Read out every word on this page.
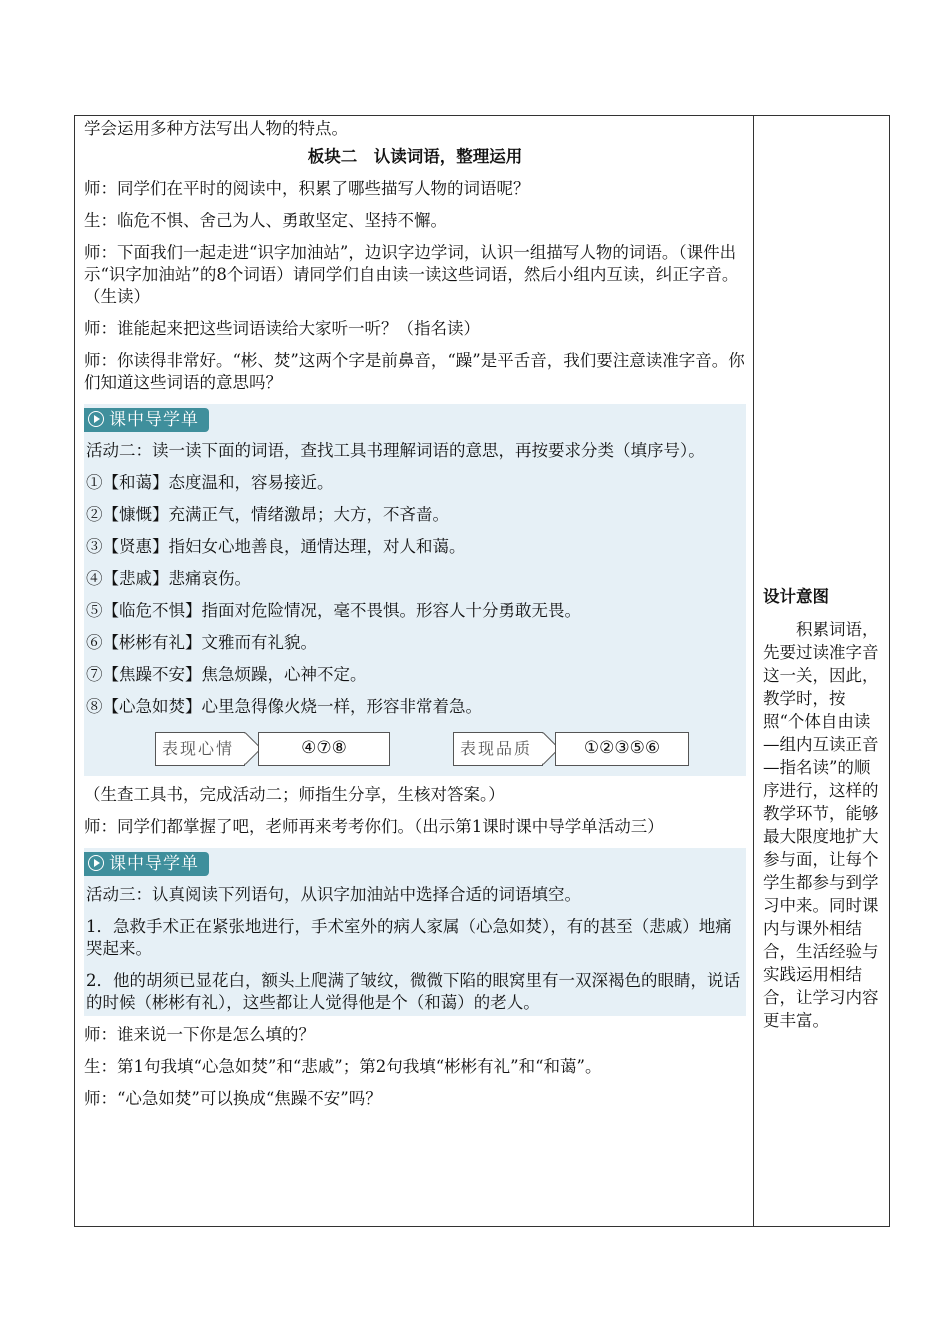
学会运用多种方法写出人物的特点。

板块二　认读词语，整理运用

师：同学们在平时的阅读中，积累了哪些描写人物的词语呢？

生：临危不惧、舍己为人、勇敢坚定、坚持不懈。

师：下面我们一起走进“识字加油站”，边识字边学词，认识一组描写人物的词语。（课件出示“识字加油站”的8个词语）请同学们自由读一读这些词语，然后小组内互读，纠正字音。（生读）

师：谁能起来把这些词语读给大家听一听？（指名读）

师：你读得非常好。“彬、焚”这两个字是前鼻音，“躁”是平舌音，我们要注意读准字音。你们知道这些词语的意思吗？

课中导学单

活动二：读一读下面的词语，查找工具书理解词语的意思，再按要求分类（填序号）。

①【和蔼】态度温和，容易接近。

②【慷慨】充满正气，情绪激昂；大方，不吝啬。

③【贤惠】指妇女心地善良，通情达理，对人和蔼。

④【悲戚】悲痛哀伤。

⑤【临危不惧】指面对危险情况，毫不畏惧。形容人十分勇敢无畏。

⑥【彬彬有礼】文雅而有礼貌。

⑦【焦躁不安】焦急烦躁，心神不定。

⑧【心急如焚】心里急得像火烧一样，形容非常着急。

表现心情	④⑦⑧	表现品质	①②③⑤⑥

（生查工具书，完成活动二；师指生分享，生核对答案。）

师：同学们都掌握了吧，老师再来考考你们。（出示第1课时课中导学单活动三）

课中导学单

活动三：认真阅读下列语句，从识字加油站中选择合适的词语填空。

1．急救手术正在紧张地进行，手术室外的病人家属（心急如焚），有的甚至（悲戚）地痛哭起来。

2．他的胡须已显花白，额头上爬满了皱纹，微微下陷的眼窝里有一双深褐色的眼睛，说话的时候（彬彬有礼），这些都让人觉得他是个（和蔼）的老人。

师：谁来说一下你是怎么填的？

生：第1句我填“心急如焚”和“悲戚”；第2句我填“彬彬有礼”和“和蔼”。

师：“心急如焚”可以换成“焦躁不安”吗？

设计意图
积累词语，先要过读准字音这一关，因此，教学时，按照“个体自由读—组内互读正音—指名读”的顺序进行，这样的教学环节，能够最大限度地扩大参与面，让每个学生都参与到学习中来。同时课内与课外相结合，生活经验与实践运用相结合，让学习内容更丰富。
